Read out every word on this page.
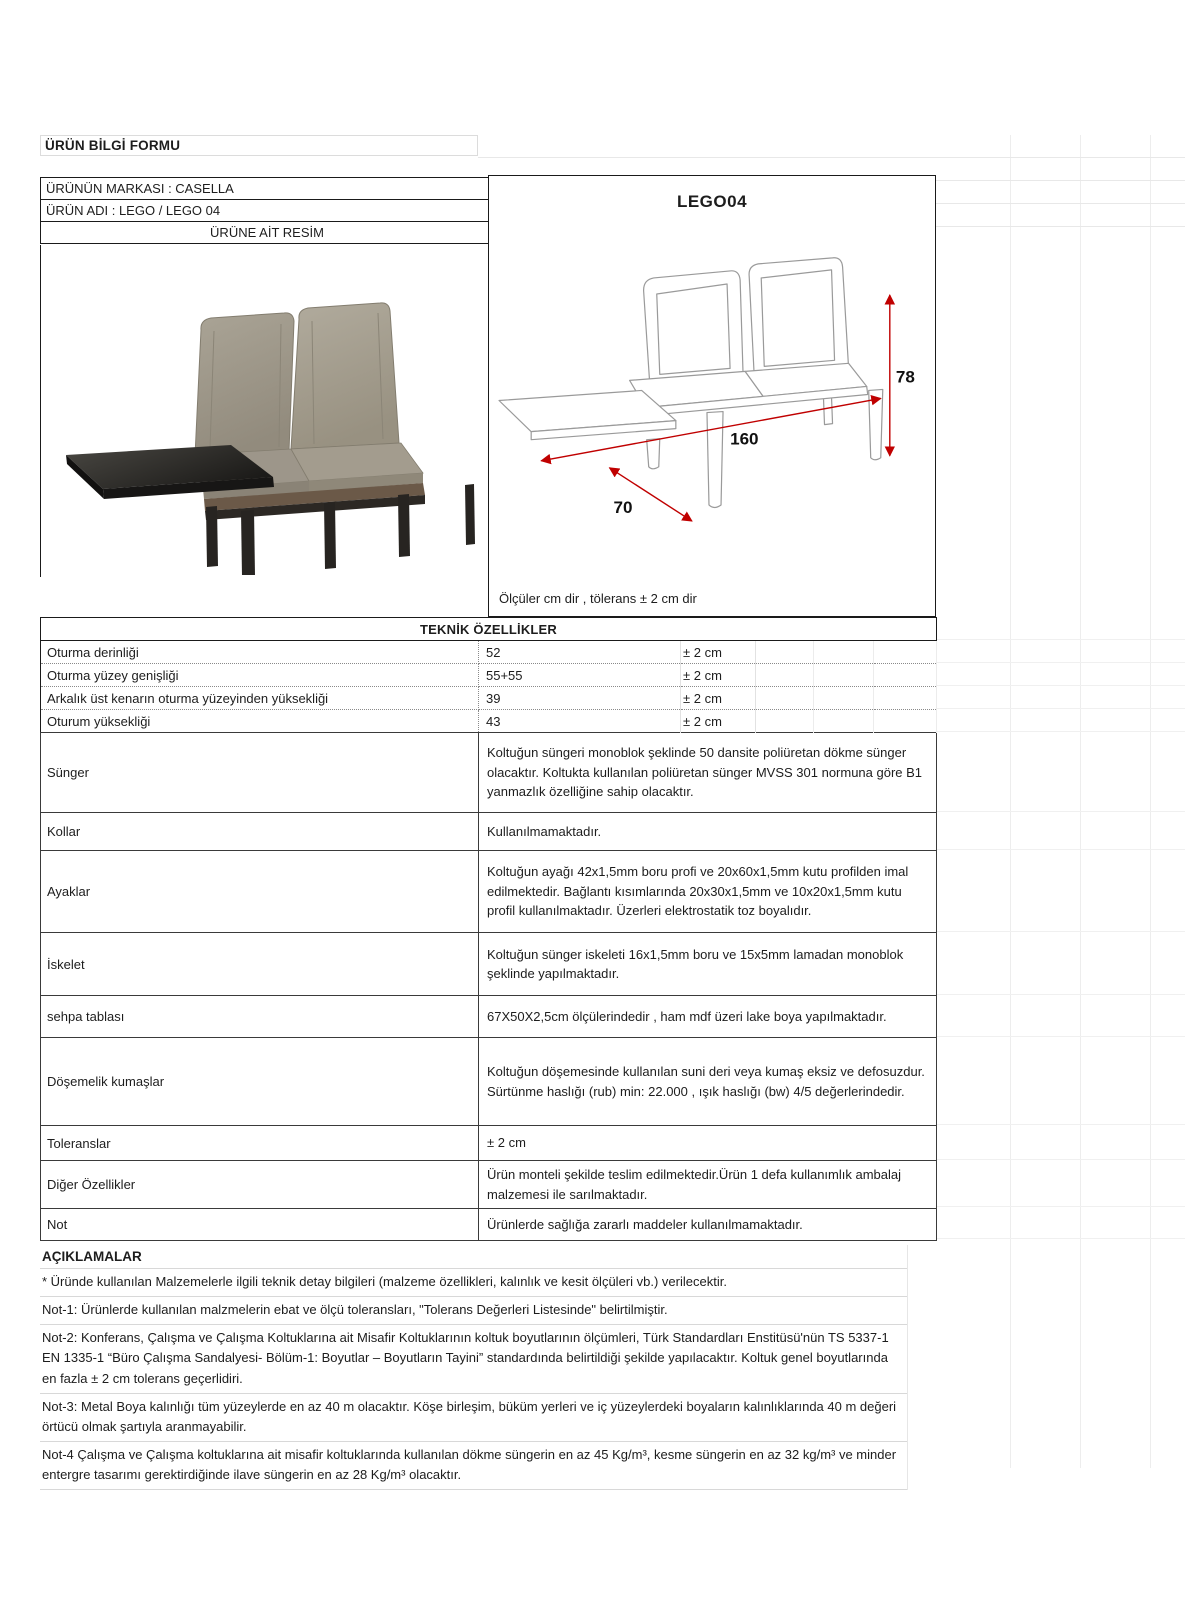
ÜRÜN BİLGİ FORMU
ÜRÜNÜN MARKASI : CASELLA
ÜRÜN ADI : LEGO / LEGO 04
ÜRÜNE AİT RESİM
LEGO04
78
160
70
Ölçüler cm dir , tölerans ± 2 cm dir
TEKNİK ÖZELLİKLER					
Oturma derinliği	52	± 2 cm			
Oturma yüzey genişliği	55+55	± 2 cm			
Arkalık üst kenarın oturma yüzeyinden yüksekliği	39	± 2 cm			
Oturum yüksekliği	43	± 2 cm			
Sünger	Koltuğun süngeri monoblok şeklinde 50 dansite poliüretan dökme sünger olacaktır. Koltukta kullanılan poliüretan sünger MVSS 301 normuna göre B1 yanmazlık özelliğine sahip olacaktır.				
Kollar	Kullanılmamaktadır.				
Ayaklar	Koltuğun ayağı 42x1,5mm boru profi ve 20x60x1,5mm kutu profilden imal edilmektedir. Bağlantı kısımlarında 20x30x1,5mm ve 10x20x1,5mm kutu profil kullanılmaktadır. Üzerleri elektrostatik toz boyalıdır.				
İskelet	Koltuğun sünger iskeleti 16x1,5mm boru ve 15x5mm lamadan monoblok şeklinde yapılmaktadır.				
sehpa tablası	67X50X2,5cm ölçülerindedir , ham mdf üzeri lake boya yapılmaktadır.				
Döşemelik kumaşlar	Koltuğun döşemesinde kullanılan suni deri veya kumaş eksiz ve defosuzdur. Sürtünme haslığı (rub) min: 22.000 , ışık haslığı (bw) 4/5 değerlerindedir.				
Toleranslar	± 2 cm				
Diğer Özellikler	Ürün monteli şekilde teslim edilmektedir.Ürün 1 defa kullanımlık ambalaj malzemesi ile sarılmaktadır.				
Not	Ürünlerde sağlığa zararlı maddeler kullanılmamaktadır.				
AÇIKLAMALAR
* Üründe kullanılan Malzemelerle ilgili teknik detay bilgileri (malzeme özellikleri, kalınlık ve kesit ölçüleri vb.) verilecektir.
Not-1: Ürünlerde kullanılan malzmelerin ebat ve ölçü toleransları, "Tolerans Değerleri Listesinde" belirtilmiştir.
Not-2: Konferans, Çalışma ve Çalışma Koltuklarına ait Misafir Koltuklarının koltuk boyutlarının ölçümleri, Türk Standardları Enstitüsü'nün TS 5337-1 EN 1335-1 “Büro Çalışma Sandalyesi- Bölüm-1: Boyutlar – Boyutların Tayini” standardında belirtildiği şekilde yapılacaktır. Koltuk genel boyutlarında en fazla ± 2 cm tolerans geçerlidiri.
Not-3: Metal Boya kalınlığı tüm yüzeylerde en az 40 m olacaktır. Köşe birleşim, büküm yerleri ve iç yüzeylerdeki boyaların kalınlıklarında 40 m değeri örtücü olmak şartıyla aranmayabilir.
Not-4 Çalışma ve Çalışma koltuklarına ait misafir koltuklarında kullanılan dökme süngerin en az 45 Kg/m³, kesme süngerin en az 32 kg/m³ ve minder entergre tasarımı gerektirdiğinde ilave süngerin en az 28 Kg/m³ olacaktır.
